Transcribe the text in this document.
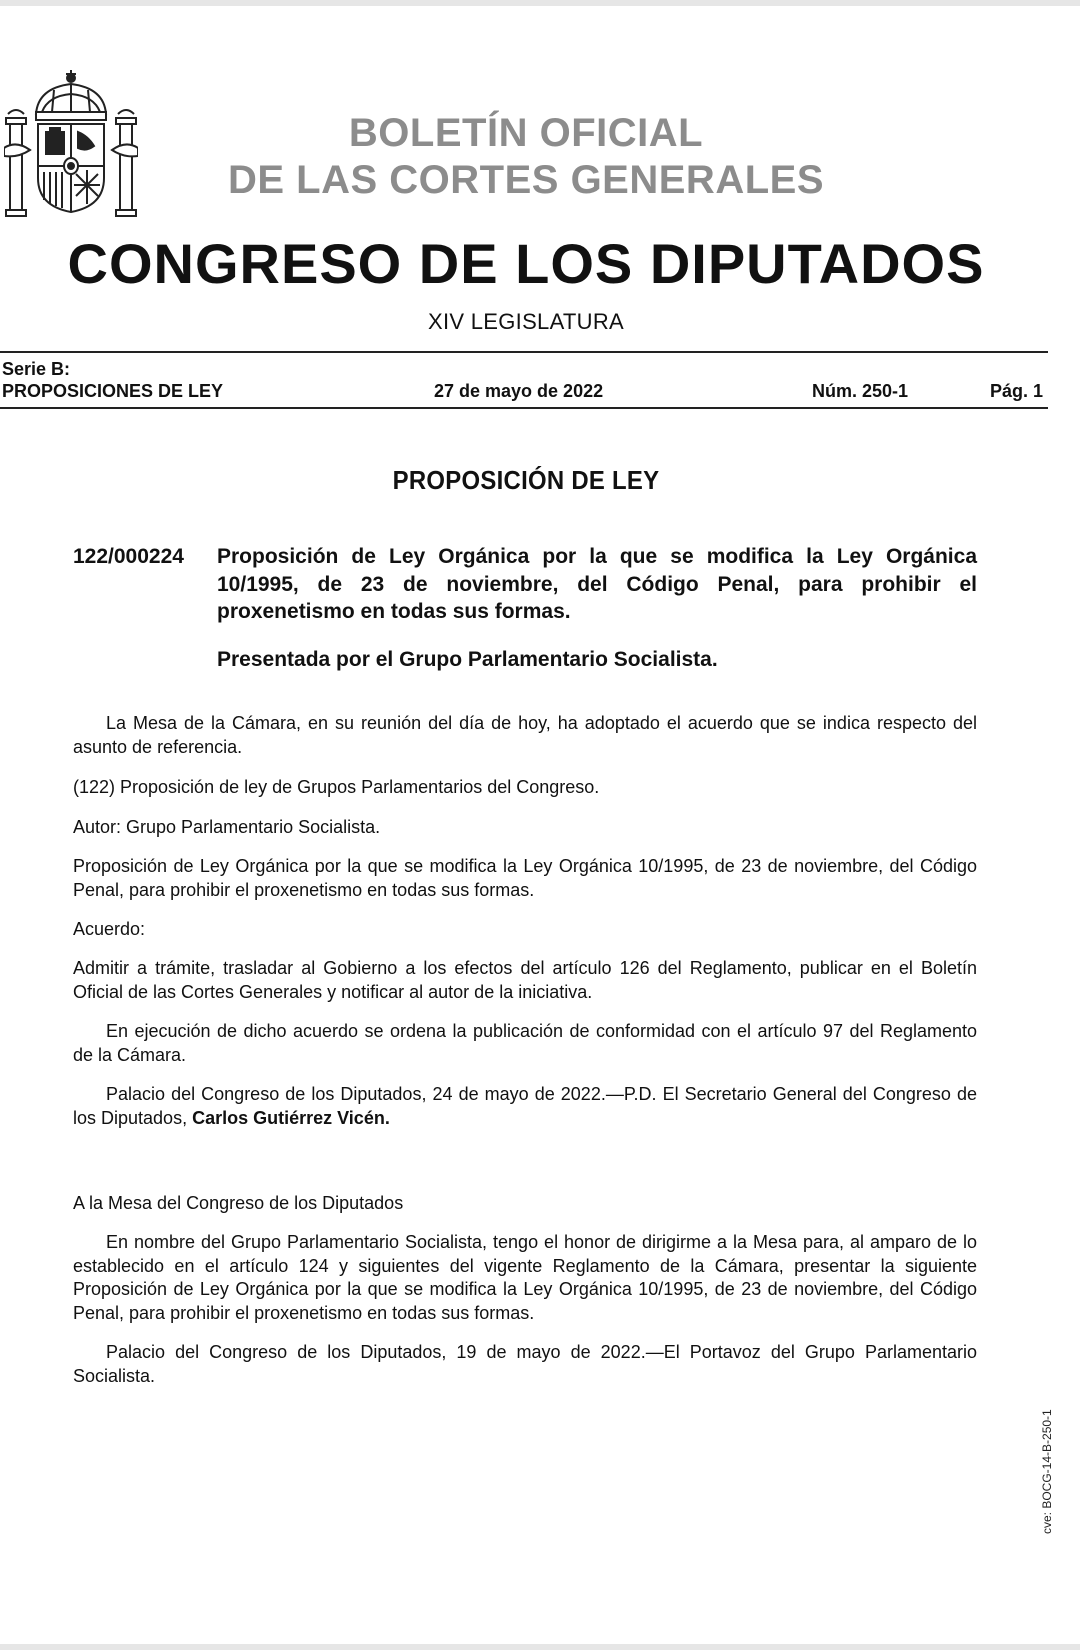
BOLETÍN OFICIAL
DE LAS CORTES GENERALES
CONGRESO DE LOS DIPUTADOS
XIV LEGISLATURA
Serie B:
PROPOSICIONES DE LEY	27 de mayo de 2022	Núm. 250-1	Pág. 1
PROPOSICIÓN DE LEY
122/000224 Proposición de Ley Orgánica por la que se modifica la Ley Orgánica 10/1995, de 23 de noviembre, del Código Penal, para prohibir el proxenetismo en todas sus formas.
Presentada por el Grupo Parlamentario Socialista.
La Mesa de la Cámara, en su reunión del día de hoy, ha adoptado el acuerdo que se indica respecto del asunto de referencia.
(122) Proposición de ley de Grupos Parlamentarios del Congreso.
Autor: Grupo Parlamentario Socialista.
Proposición de Ley Orgánica por la que se modifica la Ley Orgánica 10/1995, de 23 de noviembre, del Código Penal, para prohibir el proxenetismo en todas sus formas.
Acuerdo:
Admitir a trámite, trasladar al Gobierno a los efectos del artículo 126 del Reglamento, publicar en el Boletín Oficial de las Cortes Generales y notificar al autor de la iniciativa.
En ejecución de dicho acuerdo se ordena la publicación de conformidad con el artículo 97 del Reglamento de la Cámara.
Palacio del Congreso de los Diputados, 24 de mayo de 2022.—P.D. El Secretario General del Congreso de los Diputados, Carlos Gutiérrez Vicén.
A la Mesa del Congreso de los Diputados
En nombre del Grupo Parlamentario Socialista, tengo el honor de dirigirme a la Mesa para, al amparo de lo establecido en el artículo 124 y siguientes del vigente Reglamento de la Cámara, presentar la siguiente Proposición de Ley Orgánica por la que se modifica la Ley Orgánica 10/1995, de 23 de noviembre, del Código Penal, para prohibir el proxenetismo en todas sus formas.
Palacio del Congreso de los Diputados, 19 de mayo de 2022.—El Portavoz del Grupo Parlamentario Socialista.
cve: BOCG-14-B-250-1
